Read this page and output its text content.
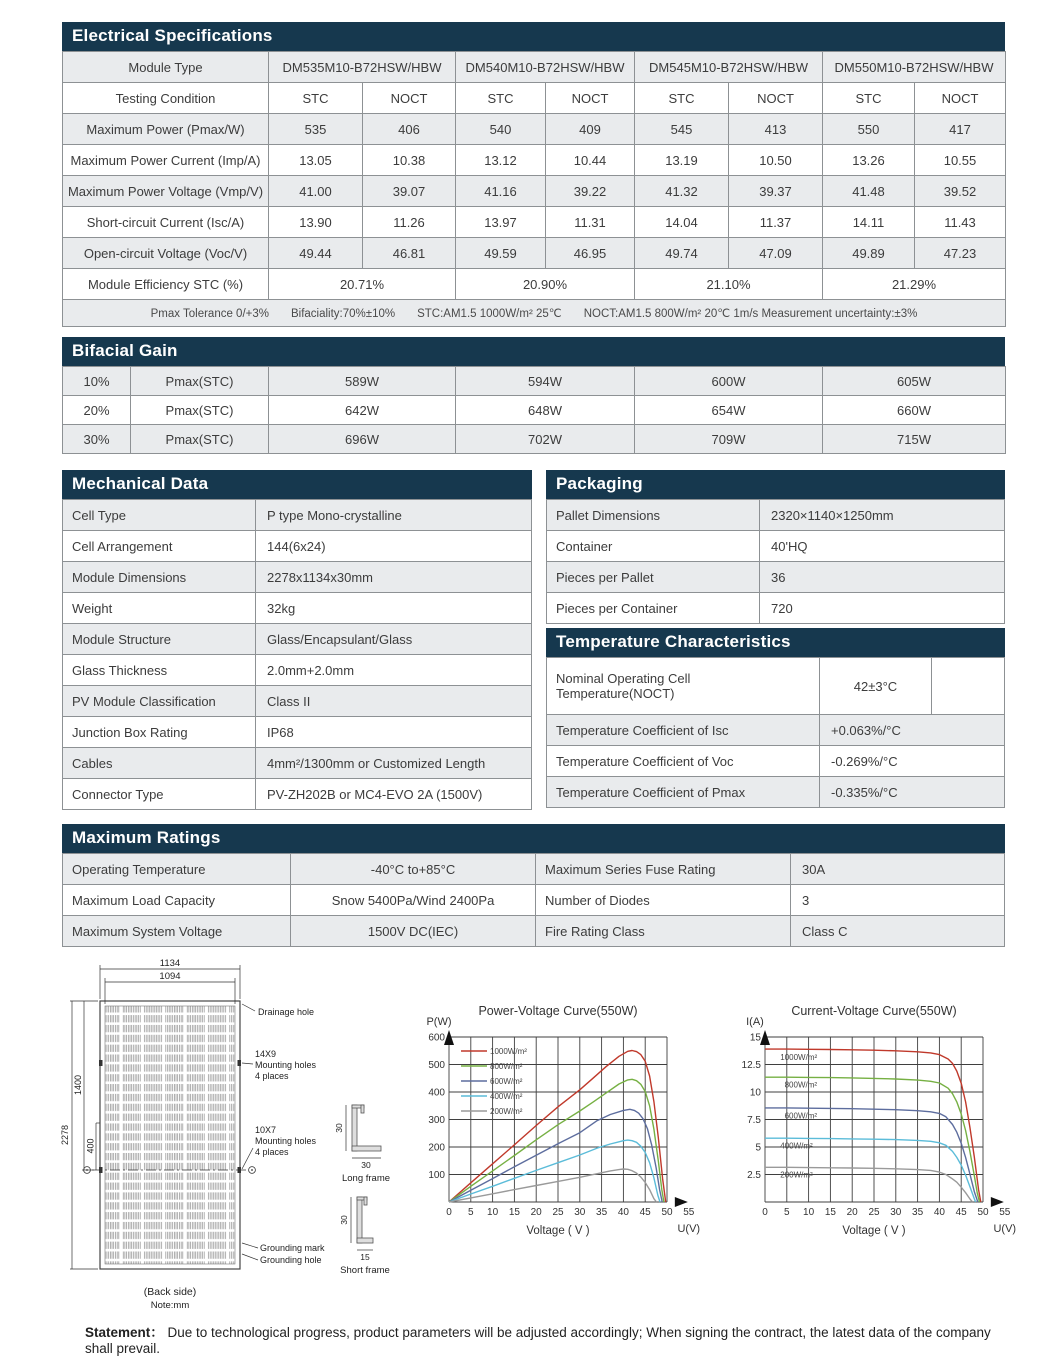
Electrical Specifications
Module Type	DM535M10-B72HSW/HBW		DM540M10-B72HSW/HBW		DM545M10-B72HSW/HBW		DM550M10-B72HSW/HBW	
Testing Condition	STC	NOCT	STC	NOCT	STC	NOCT	STC	NOCT
Maximum Power (Pmax/W)	535	406	540	409	545	413	550	417
Maximum Power Current (Imp/A)	13.05	10.38	13.12	10.44	13.19	10.50	13.26	10.55
Maximum Power Voltage (Vmp/V)	41.00	39.07	41.16	39.22	41.32	39.37	41.48	39.52
Short-circuit Current (Isc/A)	13.90	11.26	13.97	11.31	14.04	11.37	14.11	11.43
Open-circuit Voltage (Voc/V)	49.44	46.81	49.59	46.95	49.74	47.09	49.89	47.23
Module Efficiency STC (%)	20.71%		20.90%		21.10%		21.29%	
Pmax Tolerance 0/+3% Bifaciality:70%±10% STC:AM1.5 1000W/m² 25℃ NOCT:AM1.5 800W/m² 20℃ 1m/s Measurement uncertainty:±3%								
Bifacial Gain
10%	Pmax(STC)	589W	594W	600W	605W
20%	Pmax(STC)	642W	648W	654W	660W
30%	Pmax(STC)	696W	702W	709W	715W
Mechanical Data
Cell Type	P type Mono-crystalline
Cell Arrangement	144(6x24)
Module Dimensions	2278x1134x30mm
Weight	32kg
Module Structure	Glass/Encapsulant/Glass
Glass Thickness	2.0mm+2.0mm
PV Module Classification	Class II
Junction Box Rating	IP68
Cables	4mm²/1300mm or Customized Length
Connector Type	PV-ZH202B or MC4-EVO 2A (1500V)
Packaging
Pallet Dimensions	2320×1140×1250mm
Container	40'HQ
Pieces per Pallet	36
Pieces per Container	720
Temperature Characteristics
Nominal Operating Cell Temperature(NOCT)	42±3°C	
Temperature Coefficient of Isc	+0.063%/°C	
Temperature Coefficient of Voc	-0.269%/°C	
Temperature Coefficient of Pmax	-0.335%/°C	
Maximum Ratings
Operating Temperature	-40°C to+85°C	Maximum Series Fuse Rating	30A
Maximum Load Capacity	Snow 5400Pa/Wind 2400Pa	Number of Diodes	3
Maximum System Voltage	1500V DC(IEC)	Fire Rating Class	Class C
1134
1094
2278
1400
400
Drainage hole
14X9
Mounting holes
4 places
10X7
Mounting holes
4 places
Grounding mark
Grounding hole
(Back side)
Note:mm
30
30
Long frame
30
15
Short frame
0 5 10 15 20 25 30 35 40 45 50 55
100
200
300
400
500
600
Power-Voltage Curve(550W)
P(W)
Voltage ( V )	U(V)
1000W/m²
800W/m²
600W/m²
400W/m²
200W/m²
0 5 10 15 20 25 30 35 40 45 50 55
2.5
5
7.5
10
12.5
15
Current-Voltage Curve(550W)
I(A)
Voltage ( V )	U(V)
1000W/m²
800W/m²
600W/m²
400W/m²
200W/m²
Statement： Due to technological progress, product parameters will be adjusted accordingly; When signing the contract, the latest data of the company shall prevail.
